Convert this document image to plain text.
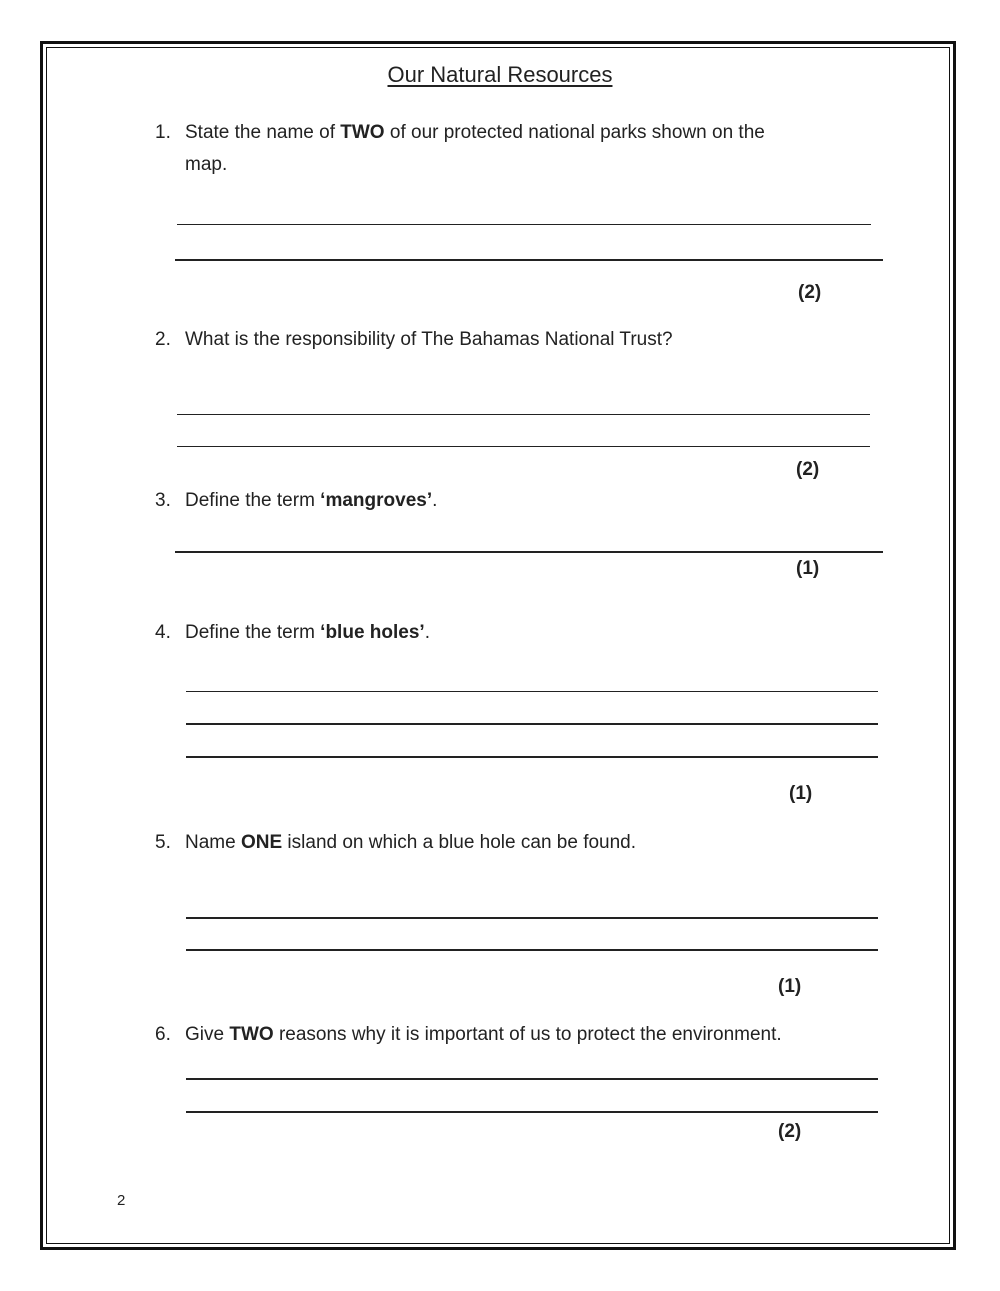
Our Natural Resources
1. State the name of TWO of our protected national parks shown on the
map.
(2)
2. What is the responsibility of The Bahamas National Trust?
(2)
3. Define the term ‘mangroves’.
(1)
4. Define the term ‘blue holes’.
(1)
5. Name ONE island on which a blue hole can be found.
(1)
6. Give TWO reasons why it is important of us to protect the environment.
(2)
2
